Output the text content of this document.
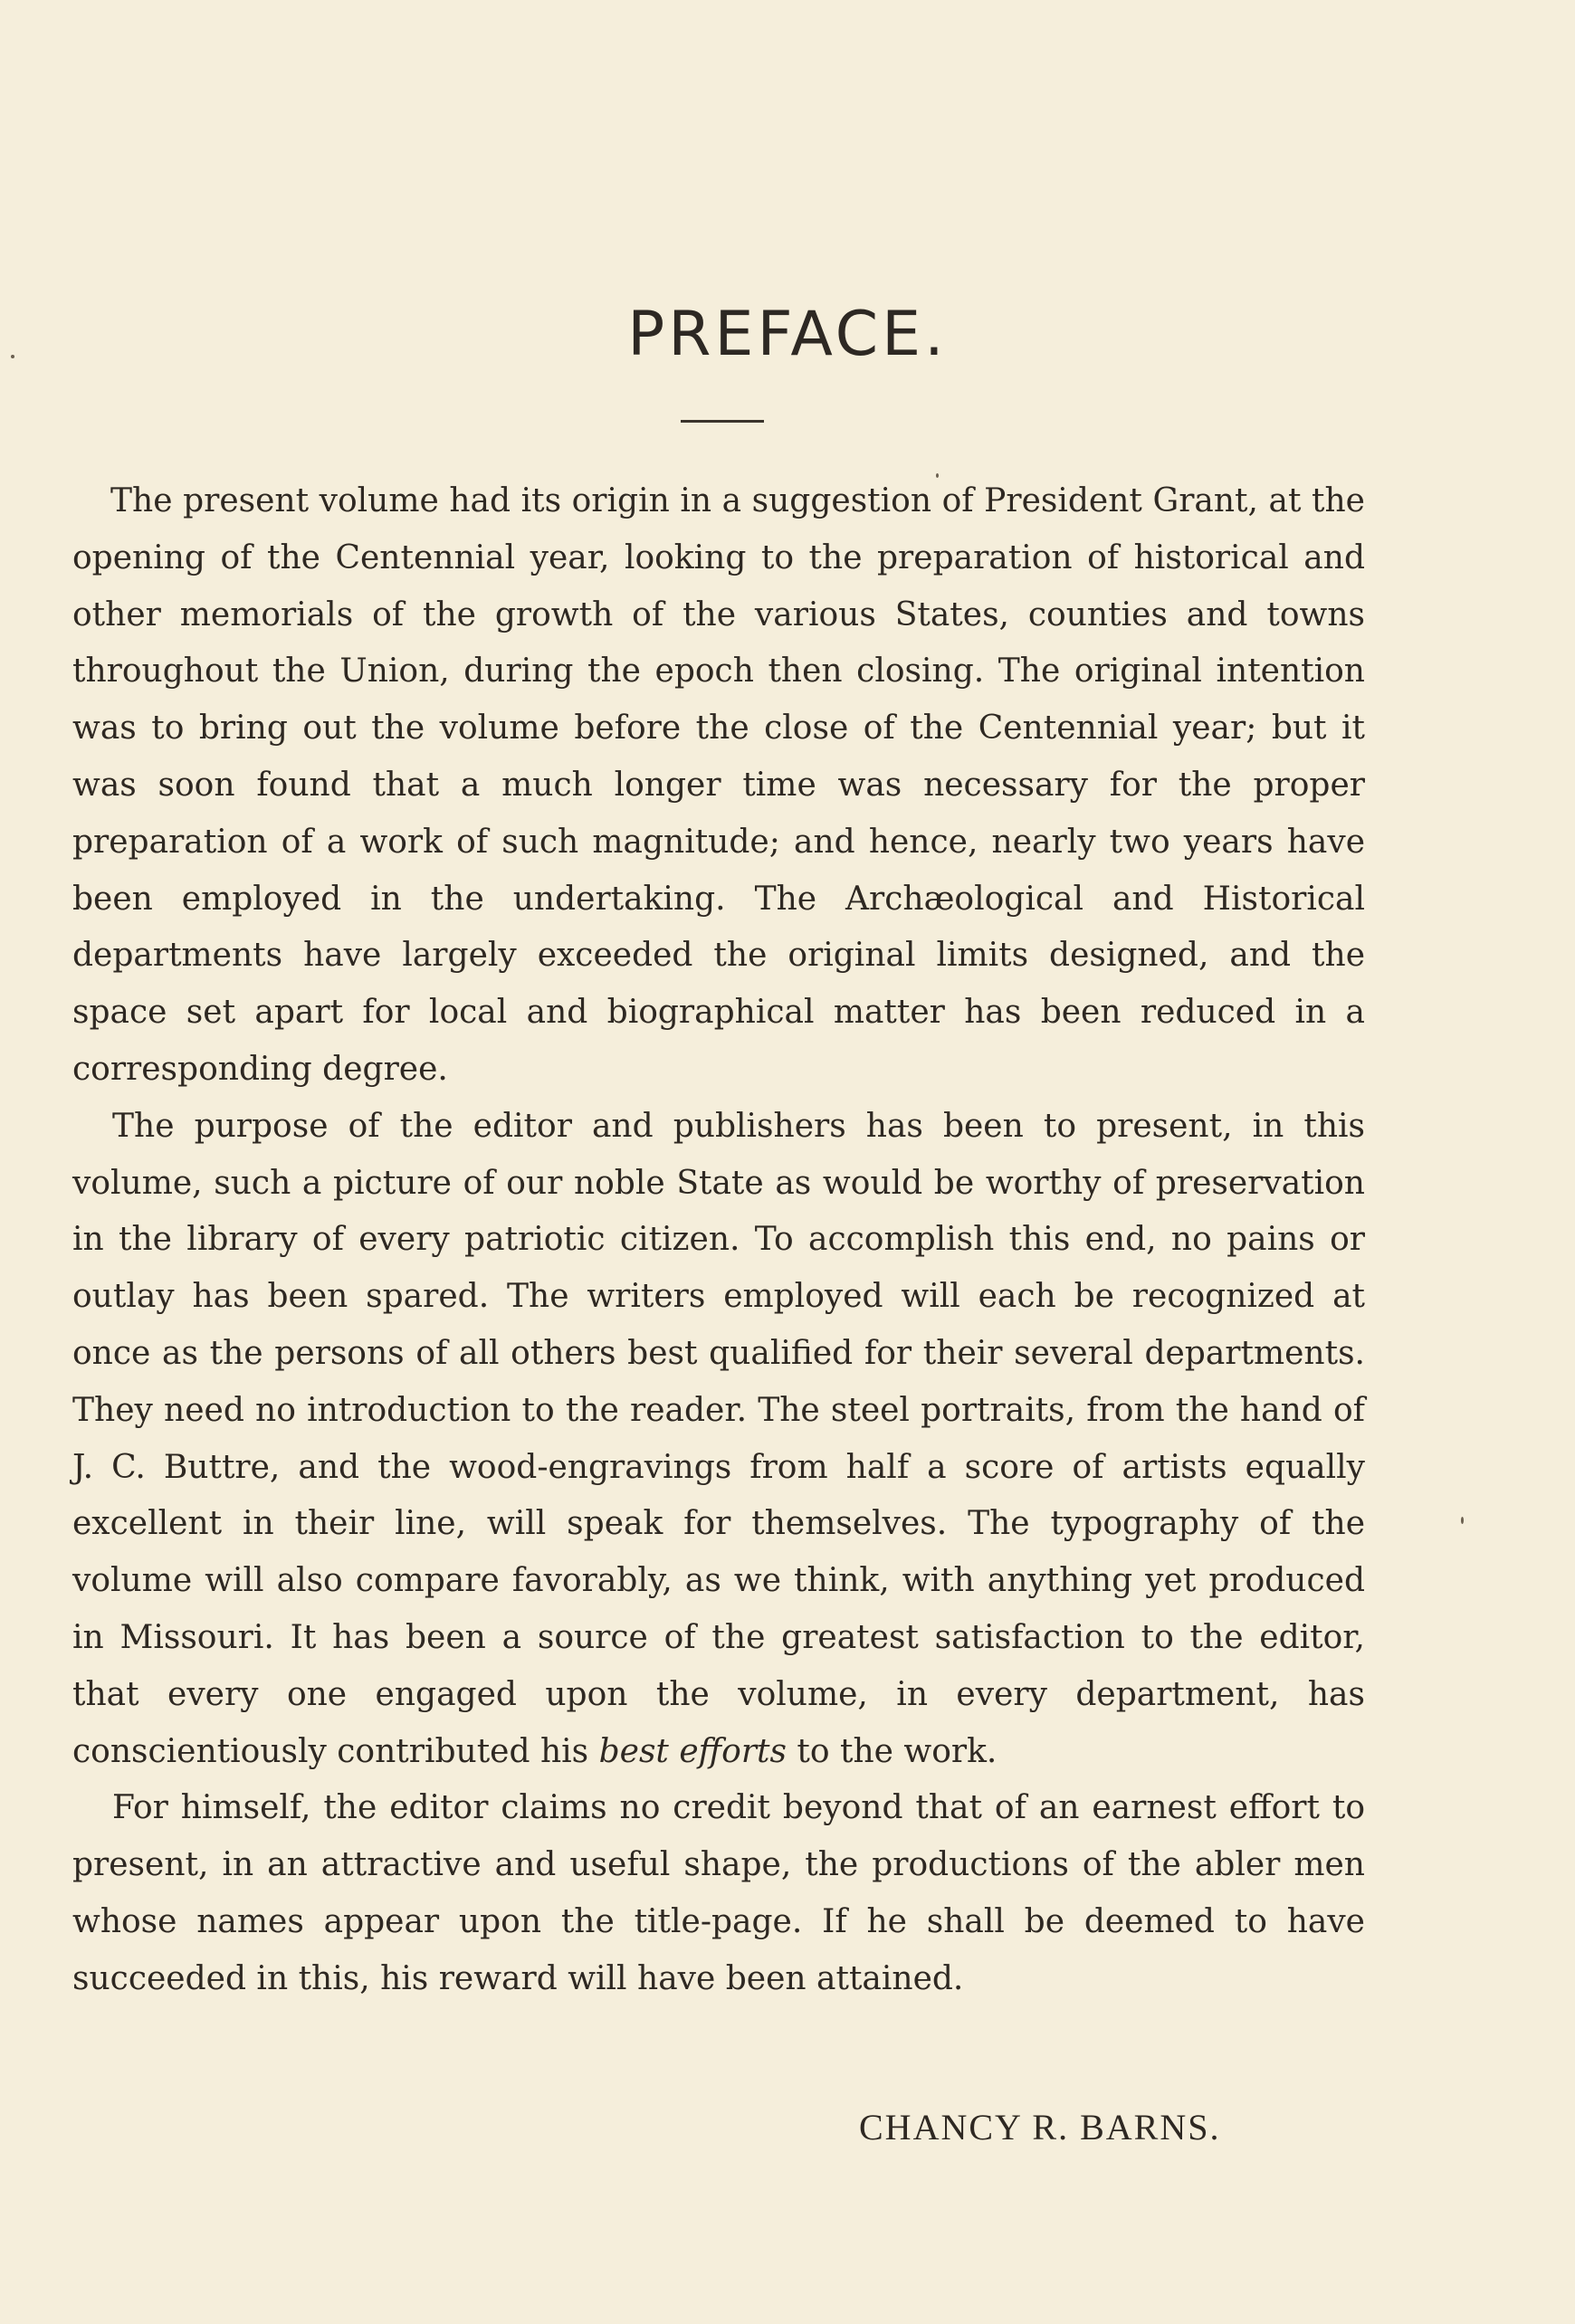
PREFACE.

The present volume had its origin in a suggestion of President Grant, at the opening of the Centennial year, looking to the preparation of historical and other memorials of the growth of the various States, counties and towns throughout the Union, during the epoch then closing. The original intention was to bring out the volume before the close of the Centennial year; but it was soon found that a much longer time was necessary for the proper preparation of a work of such magnitude; and hence, nearly two years have been employed in the undertaking. The Archæological and Historical departments have largely exceeded the original limits designed, and the space set apart for local and biographical matter has been reduced in a corresponding degree.

The purpose of the editor and publishers has been to present, in this volume, such a picture of our noble State as would be worthy of preservation in the library of every patriotic citizen. To accomplish this end, no pains or outlay has been spared. The writers employed will each be recognized at once as the persons of all others best qualified for their several departments. They need no introduction to the reader. The steel portraits, from the hand of J. C. Buttre, and the wood-engravings from half a score of artists equally excellent in their line, will speak for themselves. The typography of the volume will also compare favorably, as we think, with anything yet produced in Missouri. It has been a source of the greatest satisfaction to the editor, that every one engaged upon the volume, in every department, has conscientiously contributed his best efforts to the work.

For himself, the editor claims no credit beyond that of an earnest effort to present, in an attractive and useful shape, the productions of the abler men whose names appear upon the title-page. If he shall be deemed to have succeeded in this, his reward will have been attained.

CHANCY R. BARNS.
